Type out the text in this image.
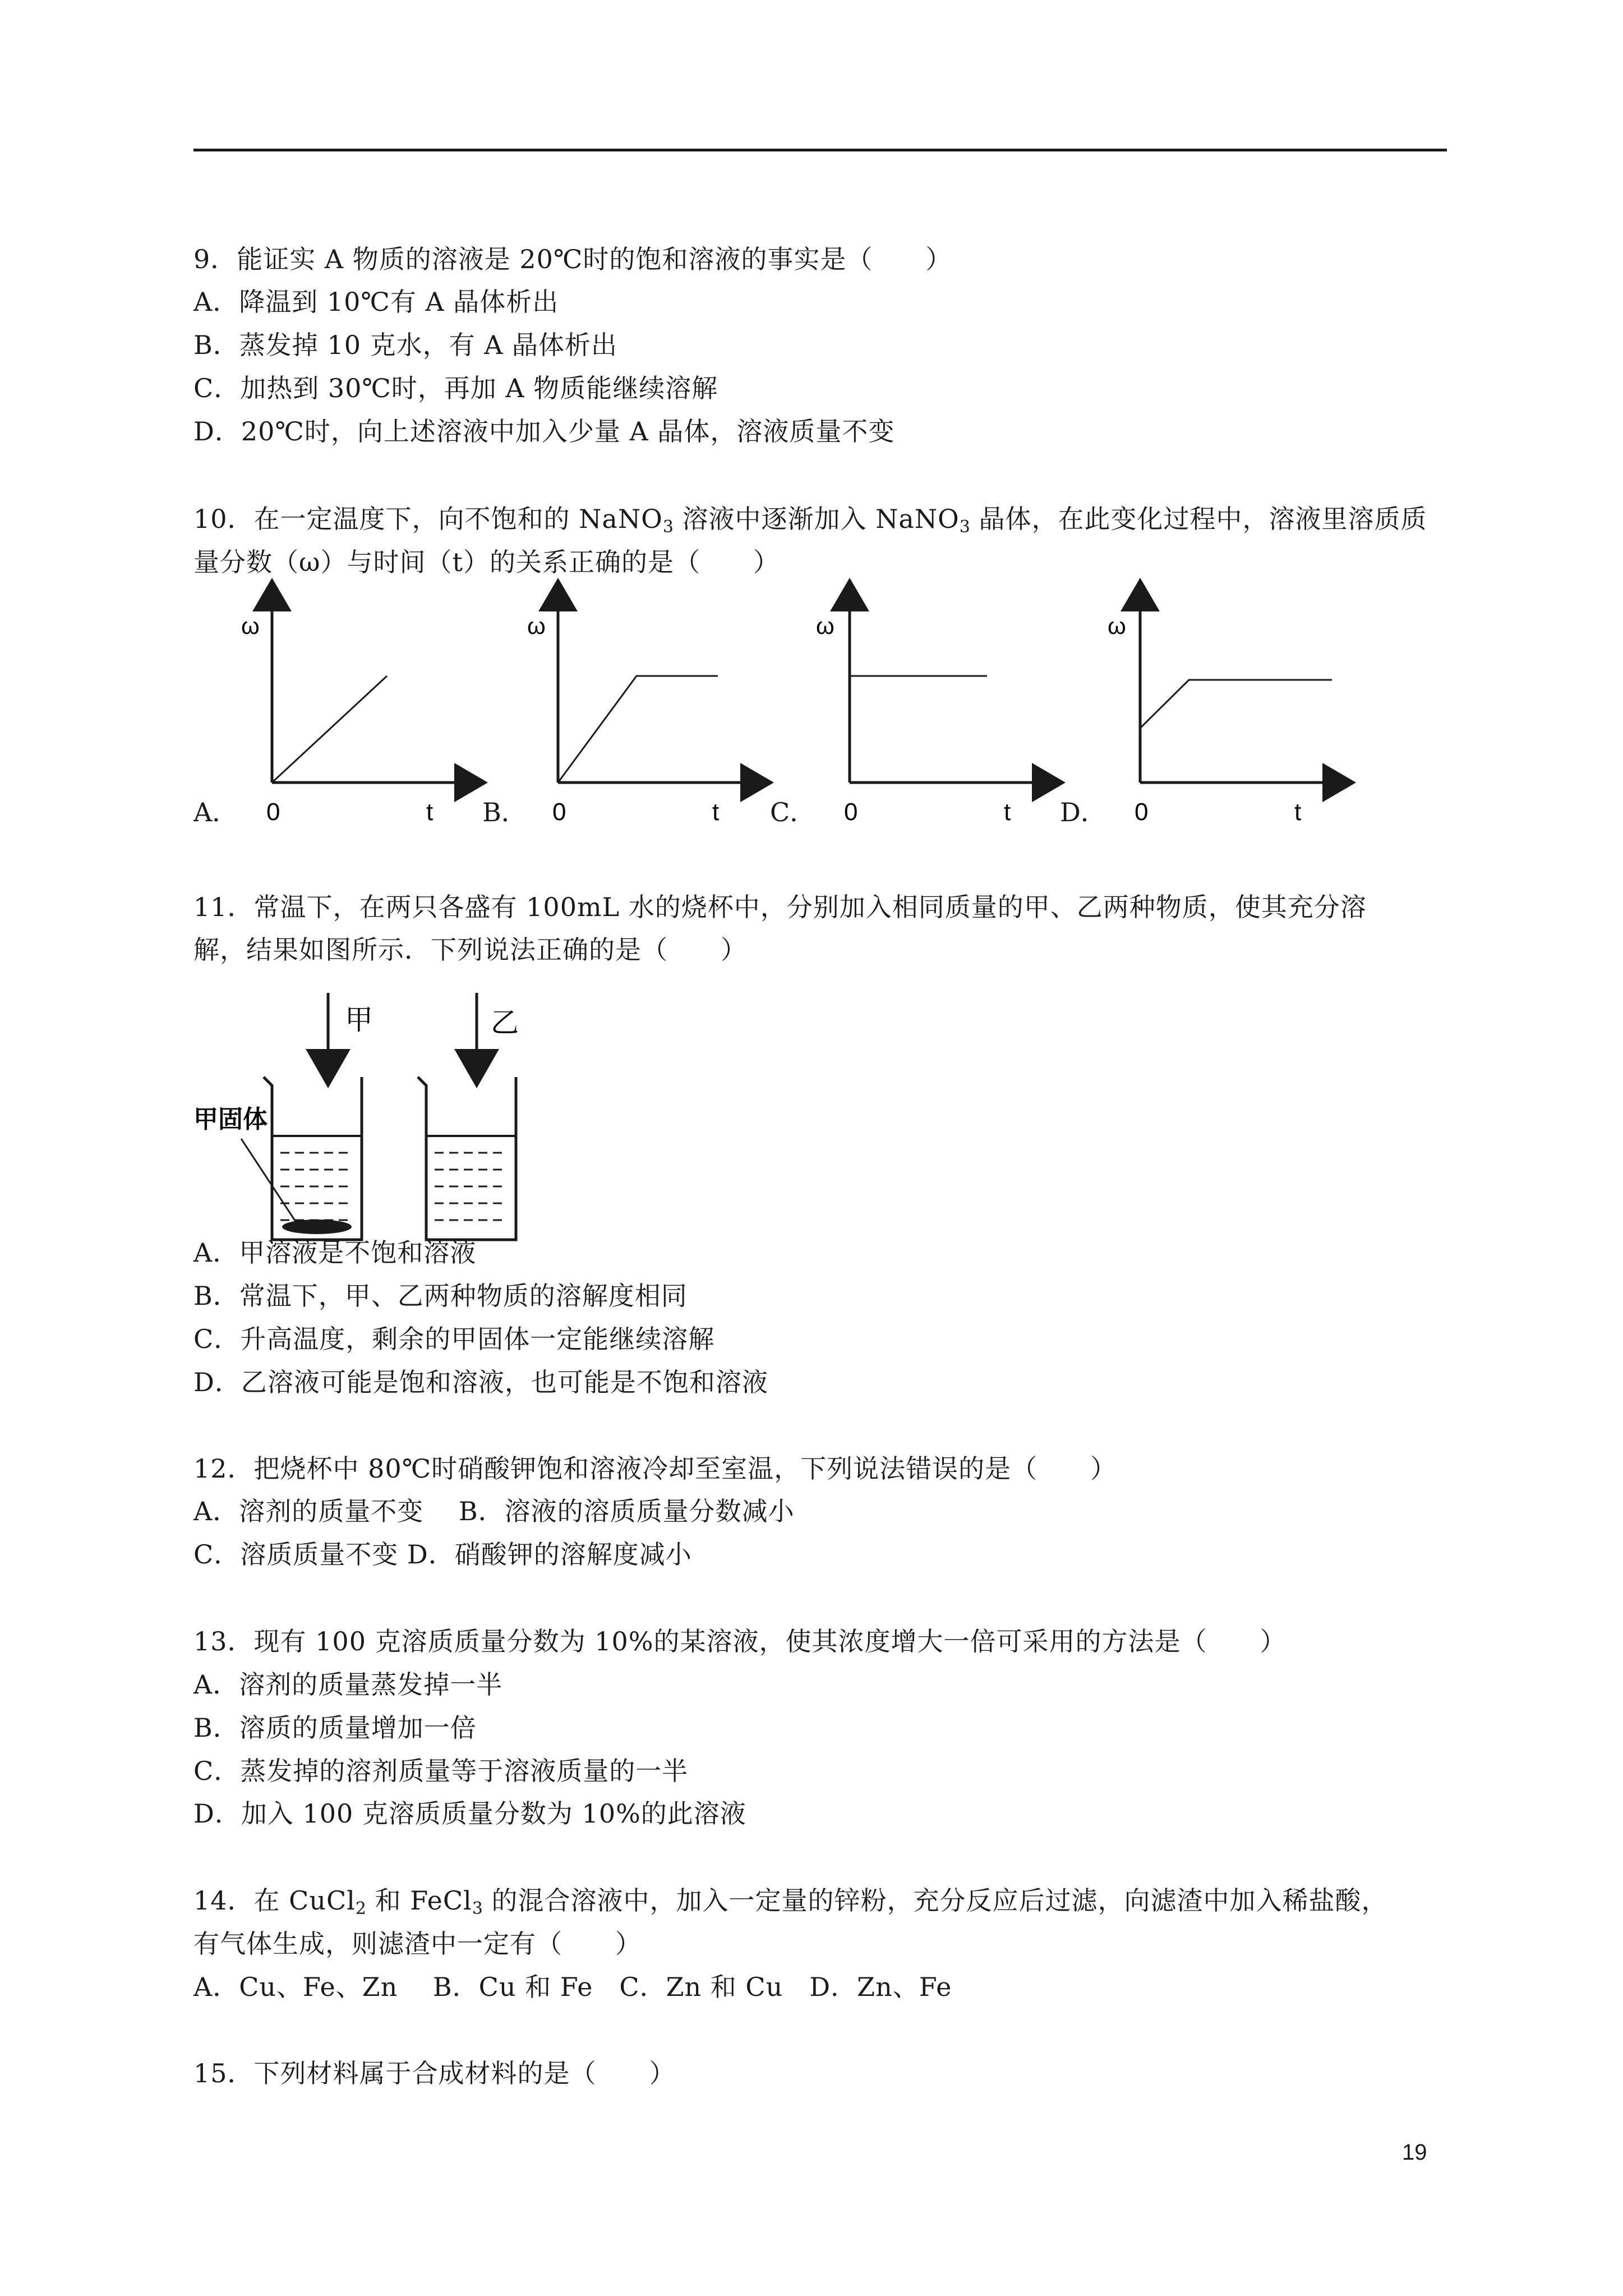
9．能证实 A 物质的溶液是 20℃时的饱和溶液的事实是（　　）
A．降温到 10℃有 A 晶体析出
B．蒸发掉 10 克水，有 A 晶体析出
C．加热到 30℃时，再加 A 物质能继续溶解
D．20℃时，向上述溶液中加入少量 A 晶体，溶液质量不变
10．在一定温度下，向不饱和的 NaNO$_3$ 溶液中逐渐加入 NaNO$_3$ 晶体，在此变化过程中，溶液里溶质质
量分数（ω）与时间（t）的关系正确的是（　　）
A．	B．	C．	D．
ω
0	t
ω
0	t
ω
0	t
ω
0	t
11．常温下，在两只各盛有 100mL 水的烧杯中，分别加入相同质量的甲、乙两种物质，使其充分溶
解，结果如图所示．下列说法正确的是（　　）
甲	乙
甲固体
A．甲溶液是不饱和溶液
B．常温下，甲、乙两种物质的溶解度相同
C．升高温度，剩余的甲固体一定能继续溶解
D．乙溶液可能是饱和溶液，也可能是不饱和溶液
12．把烧杯中 80℃时硝酸钾饱和溶液冷却至室温，下列说法错误的是（　　）
A．溶剂的质量不变　 B．溶液的溶质质量分数减小
C．溶质质量不变 D．硝酸钾的溶解度减小
13．现有 100 克溶质质量分数为 10%的某溶液，使其浓度增大一倍可采用的方法是（　　）
A．溶剂的质量蒸发掉一半
B．溶质的质量增加一倍
C．蒸发掉的溶剂质量等于溶液质量的一半
D．加入 100 克溶质质量分数为 10%的此溶液
14．在 CuCl$_2$ 和 FeCl$_3$ 的混合溶液中，加入一定量的锌粉，充分反应后过滤，向滤渣中加入稀盐酸，
有气体生成，则滤渣中一定有（　　）
A．Cu、Fe、Zn　 B．Cu 和 Fe　C．Zn 和 Cu　D．Zn、Fe
15．下列材料属于合成材料的是（　　）
19
